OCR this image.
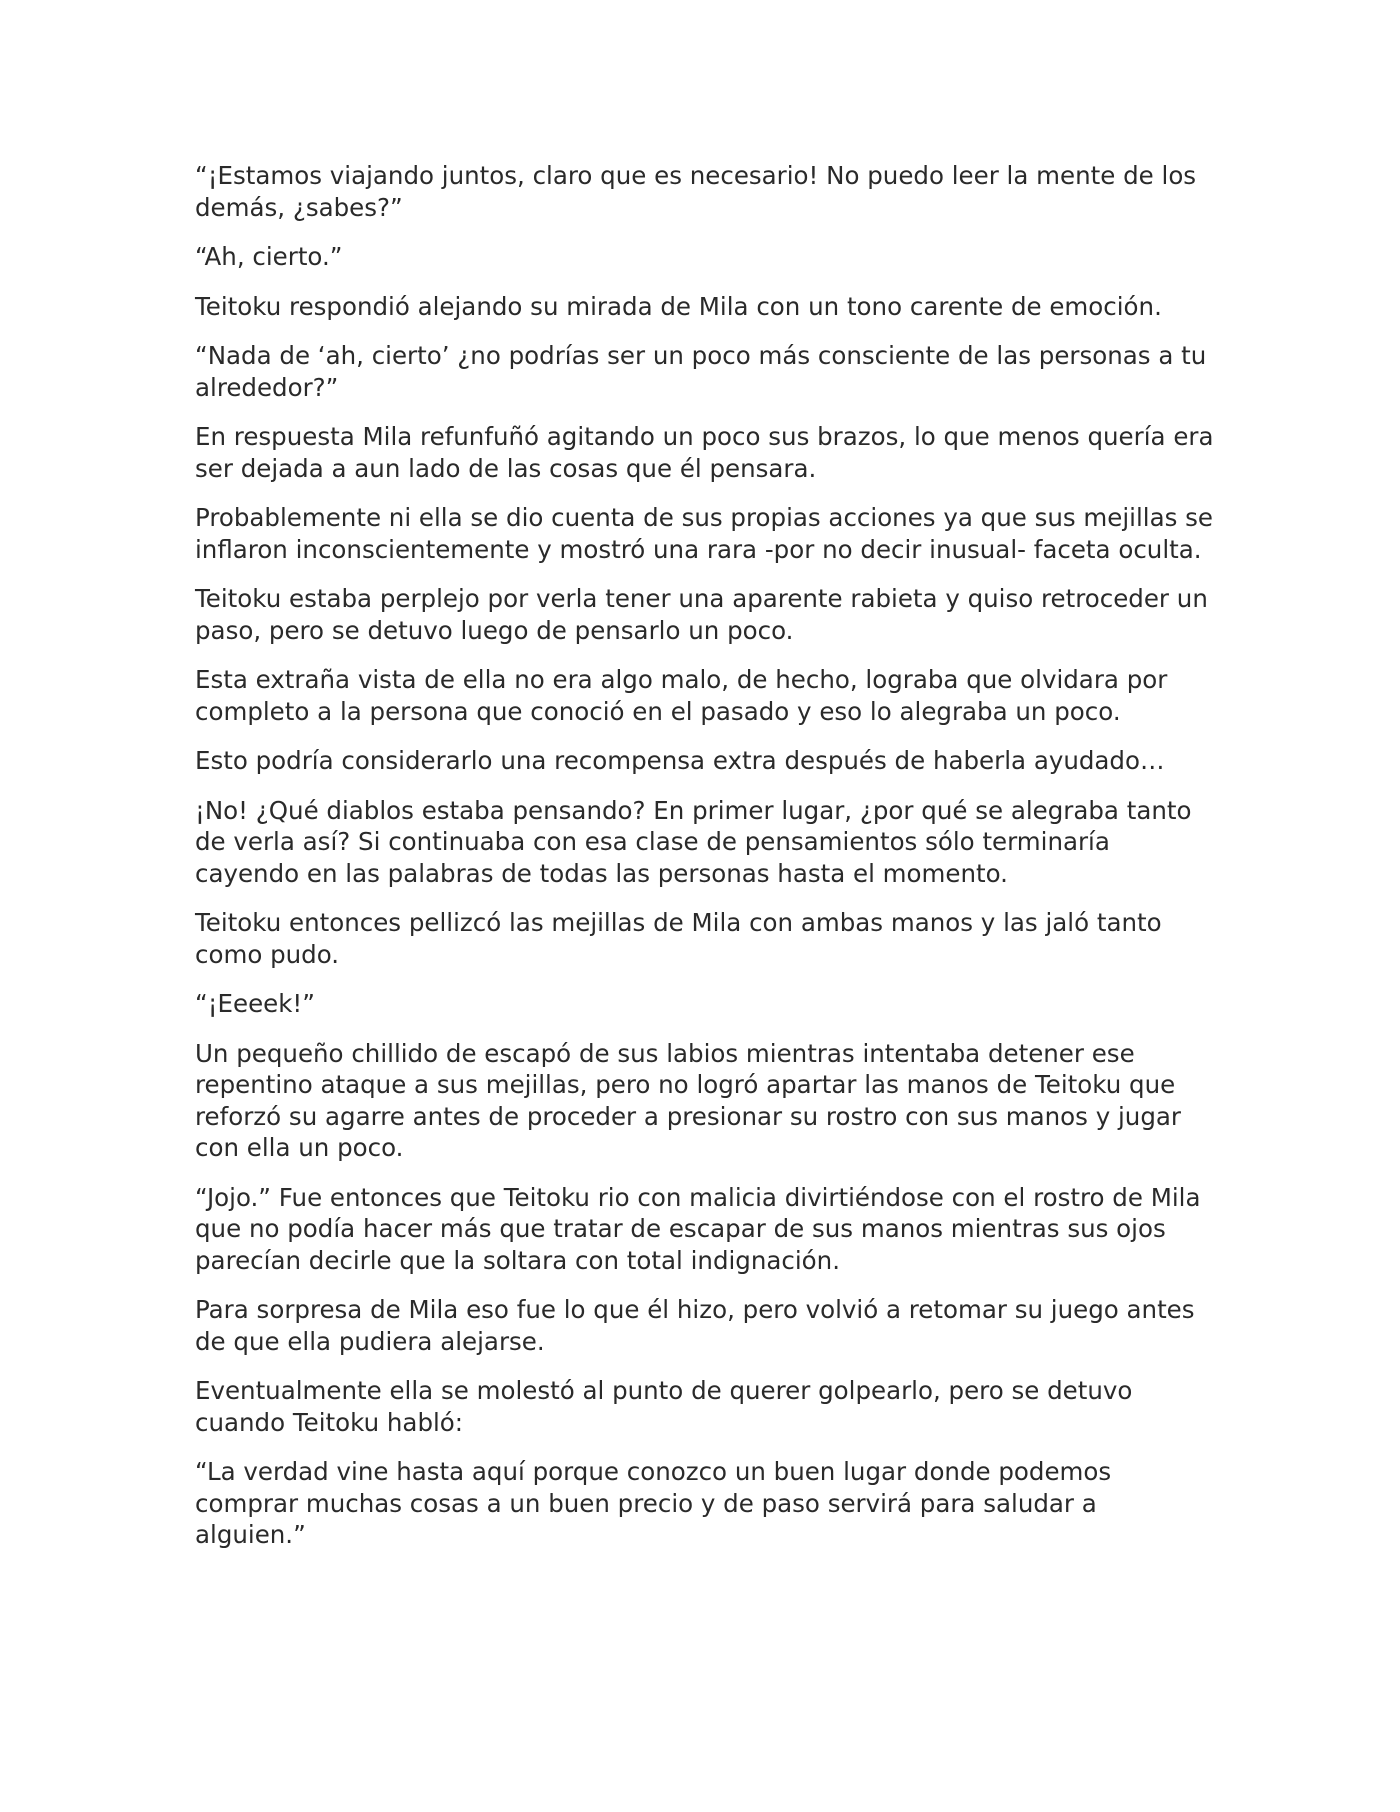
“¡Estamos viajando juntos, claro que es necesario! No puedo leer la mente de los demás, ¿sabes?”

“Ah, cierto.”

Teitoku respondió alejando su mirada de Mila con un tono carente de emoción.

“Nada de ‘ah, cierto’ ¿no podrías ser un poco más consciente de las personas a tu alrededor?”

En respuesta Mila refunfuñó agitando un poco sus brazos, lo que menos quería era ser dejada a aun lado de las cosas que él pensara.

Probablemente ni ella se dio cuenta de sus propias acciones ya que sus mejillas se inflaron inconscientemente y mostró una rara -por no decir inusual- faceta oculta.

Teitoku estaba perplejo por verla tener una aparente rabieta y quiso retroceder un paso, pero se detuvo luego de pensarlo un poco.

Esta extraña vista de ella no era algo malo, de hecho, lograba que olvidara por completo a la persona que conoció en el pasado y eso lo alegraba un poco.

Esto podría considerarlo una recompensa extra después de haberla ayudado…

¡No! ¿Qué diablos estaba pensando? En primer lugar, ¿por qué se alegraba tanto de verla así? Si continuaba con esa clase de pensamientos sólo terminaría cayendo en las palabras de todas las personas hasta el momento.

Teitoku entonces pellizcó las mejillas de Mila con ambas manos y las jaló tanto como pudo.

“¡Eeeek!”

Un pequeño chillido de escapó de sus labios mientras intentaba detener ese repentino ataque a sus mejillas, pero no logró apartar las manos de Teitoku que reforzó su agarre antes de proceder a presionar su rostro con sus manos y jugar con ella un poco.

“Jojo.” Fue entonces que Teitoku rio con malicia divirtiéndose con el rostro de Mila que no podía hacer más que tratar de escapar de sus manos mientras sus ojos parecían decirle que la soltara con total indignación.

Para sorpresa de Mila eso fue lo que él hizo, pero volvió a retomar su juego antes de que ella pudiera alejarse.

Eventualmente ella se molestó al punto de querer golpearlo, pero se detuvo cuando Teitoku habló:

“La verdad vine hasta aquí porque conozco un buen lugar donde podemos comprar muchas cosas a un buen precio y de paso servirá para saludar a alguien.”
